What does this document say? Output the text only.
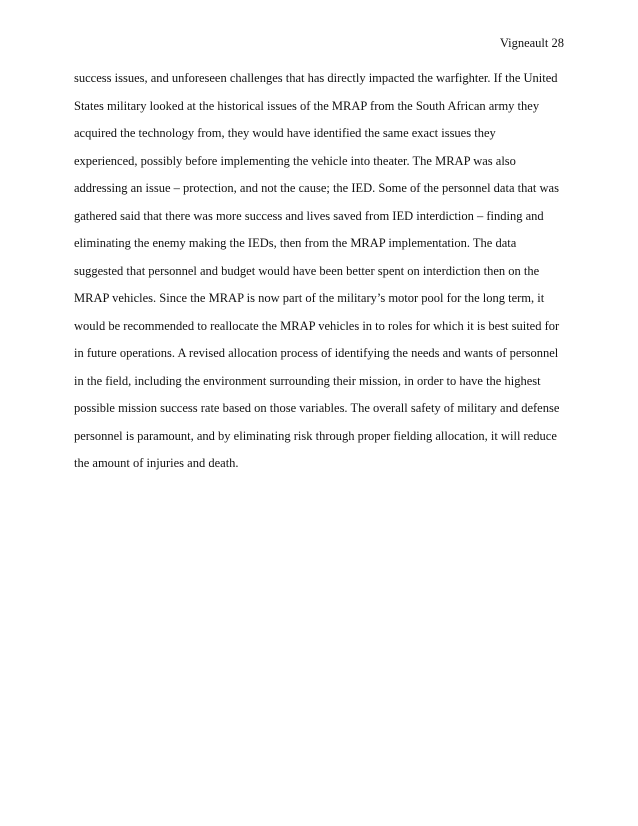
Vigneault 28
success issues, and unforeseen challenges that has directly impacted the warfighter. If the United
States military looked at the historical issues of the MRAP from the South African army they
acquired the technology from, they would have identified the same exact issues they
experienced, possibly before implementing the vehicle into theater. The MRAP was also
addressing an issue – protection, and not the cause; the IED. Some of the personnel data that was
gathered said that there was more success and lives saved from IED interdiction – finding and
eliminating the enemy making the IEDs, then from the MRAP implementation. The data
suggested that personnel and budget would have been better spent on interdiction then on the
MRAP vehicles. Since the MRAP is now part of the military’s motor pool for the long term, it
would be recommended to reallocate the MRAP vehicles in to roles for which it is best suited for
in future operations. A revised allocation process of identifying the needs and wants of personnel
in the field, including the environment surrounding their mission, in order to have the highest
possible mission success rate based on those variables. The overall safety of military and defense
personnel is paramount, and by eliminating risk through proper fielding allocation, it will reduce
the amount of injuries and death.
